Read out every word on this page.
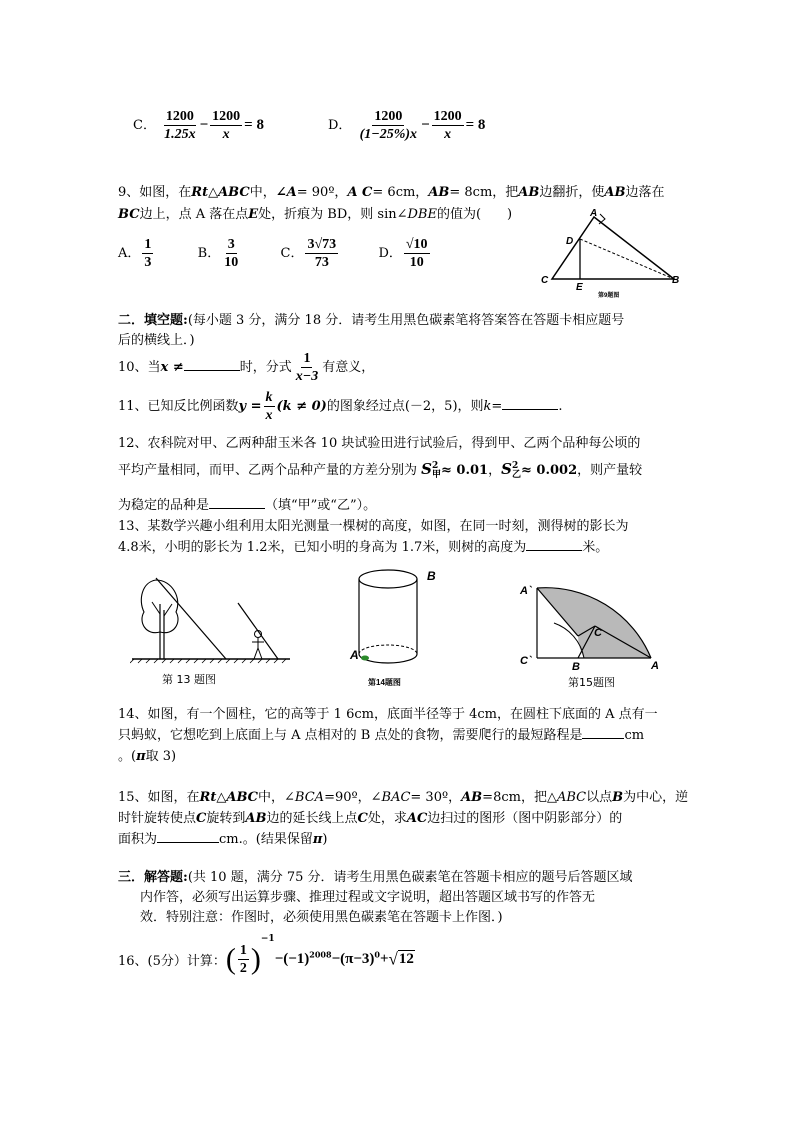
C． $\frac{1200}{1.25x} - \frac{1200}{x} = 8$	D． $\frac{1200}{(1-25\%)x} - \frac{1200}{x} = 8$
9、如图，在Rt△ABC中，∠A= 90º，A C= 6cm，AB= 8cm，把AB边翻折，使AB边落在
BC边上，点 A 落在点E处，折痕为 BD，则 sin∠DBE的值为(　　)
A． $\frac{1}{3}$	B． $\frac{3}{10}$	C． $\frac{3√73}{73}$	D． $\frac{√10}{10}$
A
D
C
E
B
第9题图
二．填空题:(每小题 3 分，满分 18 分．请考生用黑色碳素笔将答案答在答题卡相应题号
后的横线上．)
10、当x ≠	时，分式 $\frac{1}{x-3}$ 有意义，
11、已知反比例函数$y = \frac{k}{x} (k \ne 0)$的图象经过点(－2，5)，则k=	.
12、农科院对甲、乙两种甜玉米各 10 块试验田进行试验后，得到甲、乙两个品种每公顷的
平均产量相同，而甲、乙两个品种产量的方差分别为 S 2
甲 ≈ 0.01，S 2
乙 ≈ 0.002，则产量较
为稳定的品种是	（填“甲”或“乙”）。
13、某数学兴趣小组利用太阳光测量一棵树的高度，如图，在同一时刻，测得树的影长为
4.8米，小明的影长为 1.2米，已知小明的身高为 1.7米，则树的高度为	米。
第 13 题图
B
A
第14题图
A`
C`
C
B	A
第15题图
14、如图，有一个圆柱，它的高等于 1 6cm，底面半径等于 4cm，在圆柱下底面的 A 点有一
只蚂蚁，它想吃到上底面上与 A 点相对的 B 点处的食物，需要爬行的最短路程是	cm
。(π取 3)
15、如图，在Rt△ABC中，∠BCA=90º，∠BAC= 30º，AB=8cm，把△ABC以点B为中心，逆
时针旋转使点C旋转到AB边的延长线上点C处，求AC边扫过的图形（图中阴影部分）的
面积为	cm.。(结果保留π)
三．解答题:(共 10 题，满分 75 分．请考生用黑色碳素笔在答题卡相应的题号后答题区域
内作答，必须写出运算步骤、推理过程或文字说明，超出答题区域书写的作答无
效．特别注意：作图时，必须使用黑色碳素笔在答题卡上作图．)
16、(5分）计算：( $\frac{1}{2} )^{-1}-(-1)^{2008}-(\pi-3)^0+√12$
